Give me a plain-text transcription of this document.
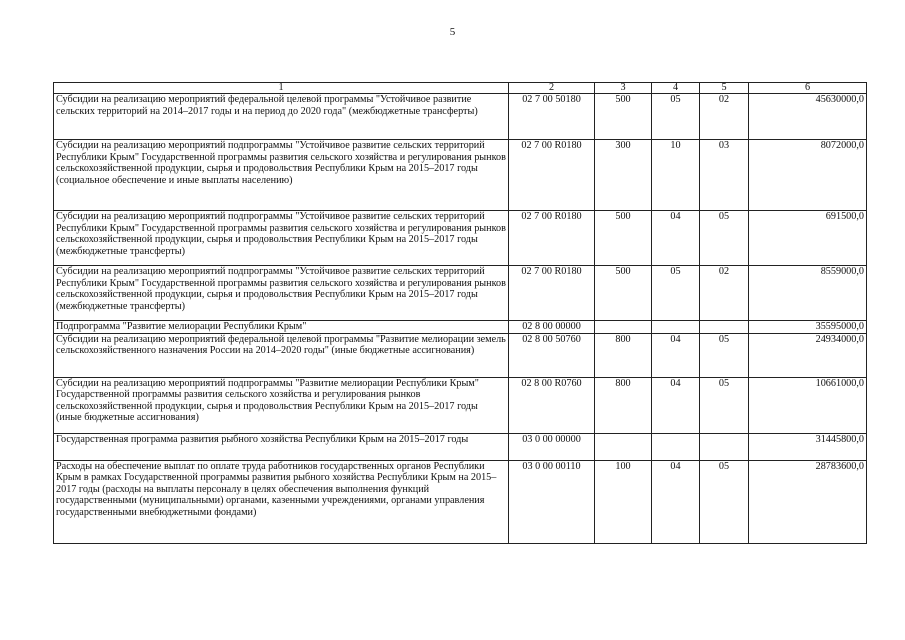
5
1	2	3	4	5	6
Субсидии на реализацию мероприятий федеральной целевой программы "Устойчивое развитие сельских территорий на 2014–2017 годы и на период до 2020 года" (межбюджетные трансферты)	02 7 00 50180	500	05	02	45630000,0
Субсидии на реализацию мероприятий подпрограммы "Устойчивое развитие сельских территорий Республики Крым" Государственной программы развития сельского хозяйства и регулирования рынков сельскохозяйственной продукции, сырья и продовольствия Республики Крым на 2015–2017 годы (социальное обеспечение и иные выплаты населению)	02 7 00 R0180	300	10	03	8072000,0
Субсидии на реализацию мероприятий подпрограммы "Устойчивое развитие сельских территорий Республики Крым" Государственной программы развития сельского хозяйства и регулирования рынков сельскохозяйственной продукции, сырья и продовольствия Республики Крым на 2015–2017 годы (межбюджетные трансферты)	02 7 00 R0180	500	04	05	691500,0
Субсидии на реализацию мероприятий подпрограммы "Устойчивое развитие сельских территорий Республики Крым" Государственной программы развития сельского хозяйства и регулирования рынков сельскохозяйственной продукции, сырья и продовольствия Республики Крым на 2015–2017 годы (межбюджетные трансферты)	02 7 00 R0180	500	05	02	8559000,0
Подпрограмма "Развитие мелиорации Республики Крым"	02 8 00 00000				35595000,0
Субсидии на реализацию мероприятий федеральной целевой программы "Развитие мелиорации земель сельскохозяйственного назначения России на 2014–2020 годы" (иные бюджетные ассигнования)	02 8 00 50760	800	04	05	24934000,0
Субсидии на реализацию мероприятий подпрограммы "Развитие мелиорации Республики Крым" Государственной программы развития сельского хозяйства и регулирования рынков сельскохозяйственной продукции, сырья и продовольствия Республики Крым на 2015–2017 годы (иные бюджетные ассигнования)	02 8 00 R0760	800	04	05	10661000,0
Государственная программа развития рыбного хозяйства Республики Крым на 2015–2017 годы	03 0 00 00000				31445800,0
Расходы на обеспечение выплат по оплате труда работников государственных органов Республики Крым в рамках Государственной программы развития рыбного хозяйства Республики Крым на 2015–2017 годы (расходы на выплаты персоналу в целях обеспечения выполнения функций государственными (муниципальными) органами, казенными учреждениями, органами управления государственными внебюджетными фондами)	03 0 00 00110	100	04	05	28783600,0
